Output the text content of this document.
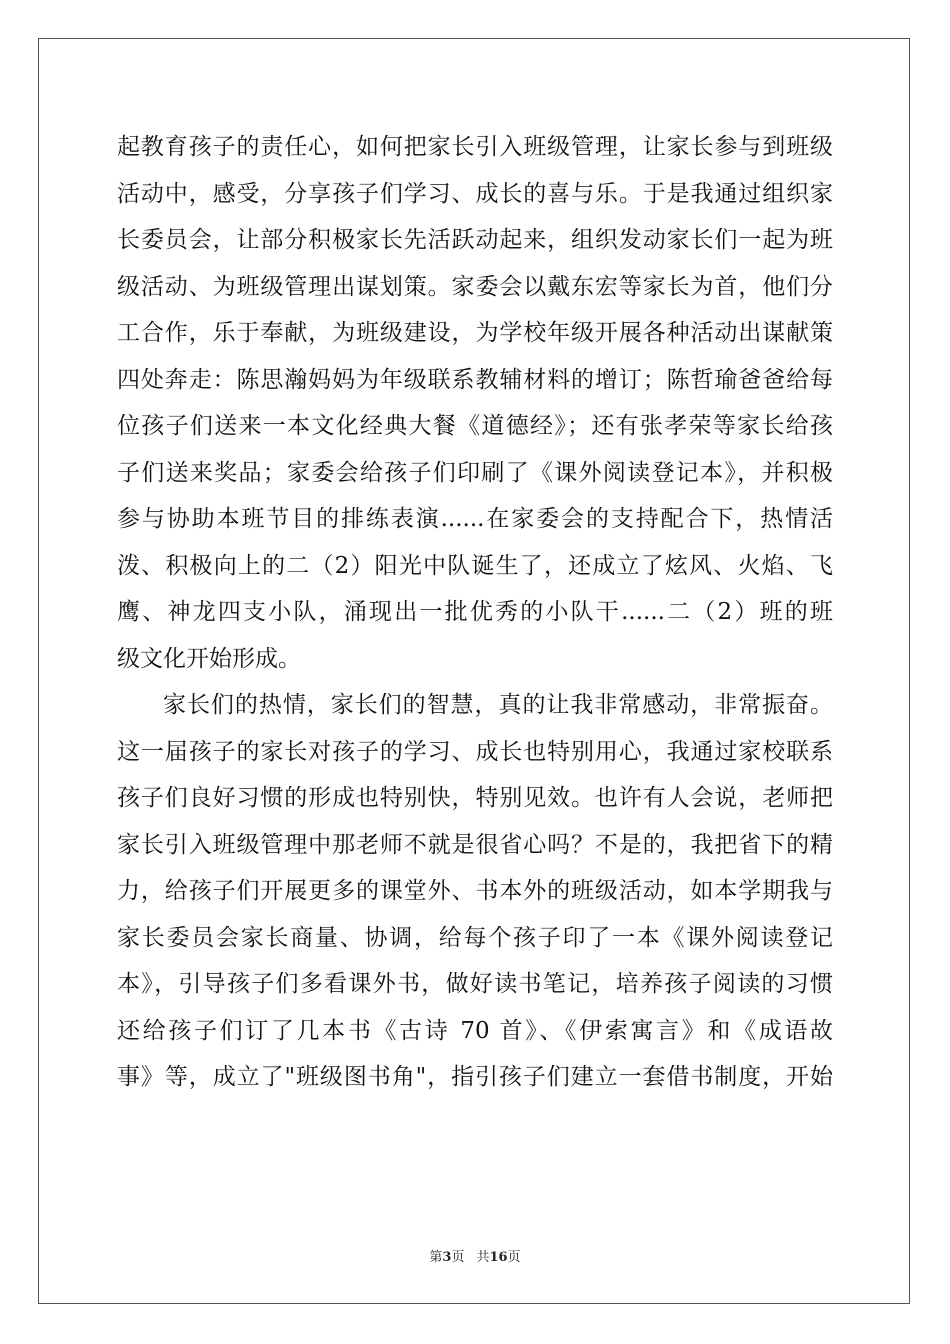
起教育孩子的责任心，如何把家长引入班级管理，让家长参与到班级
活动中，感受，分享孩子们学习、成长的喜与乐。于是我通过组织家
长委员会，让部分积极家长先活跃动起来，组织发动家长们一起为班
级活动、为班级管理出谋划策。家委会以戴东宏等家长为首，他们分
工合作，乐于奉献，为班级建设，为学校年级开展各种活动出谋献策
四处奔走：陈思瀚妈妈为年级联系教辅材料的增订；陈哲瑜爸爸给每
位孩子们送来一本文化经典大餐《道德经》；还有张孝荣等家长给孩
子们送来奖品；家委会给孩子们印刷了《课外阅读登记本》，并积极
参与协助本班节目的排练表演......在家委会的支持配合下，热情活
泼、积极向上的二（2）阳光中队诞生了，还成立了炫风、火焰、飞
鹰、神龙四支小队，涌现出一批优秀的小队干......二（2）班的班
级文化开始形成。
家长们的热情，家长们的智慧，真的让我非常感动，非常振奋。
这一届孩子的家长对孩子的学习、成长也特别用心，我通过家校联系
孩子们良好习惯的形成也特别快，特别见效。也许有人会说，老师把
家长引入班级管理中那老师不就是很省心吗？不是的，我把省下的精
力，给孩子们开展更多的课堂外、书本外的班级活动，如本学期我与
家长委员会家长商量、协调，给每个孩子印了一本《课外阅读登记
本》，引导孩子们多看课外书，做好读书笔记，培养孩子阅读的习惯
还给孩子们订了几本书《古诗 70 首》、《伊索寓言》和《成语故
事》等，成立了"班级图书角"，指引孩子们建立一套借书制度，开始
第3页 共16页
